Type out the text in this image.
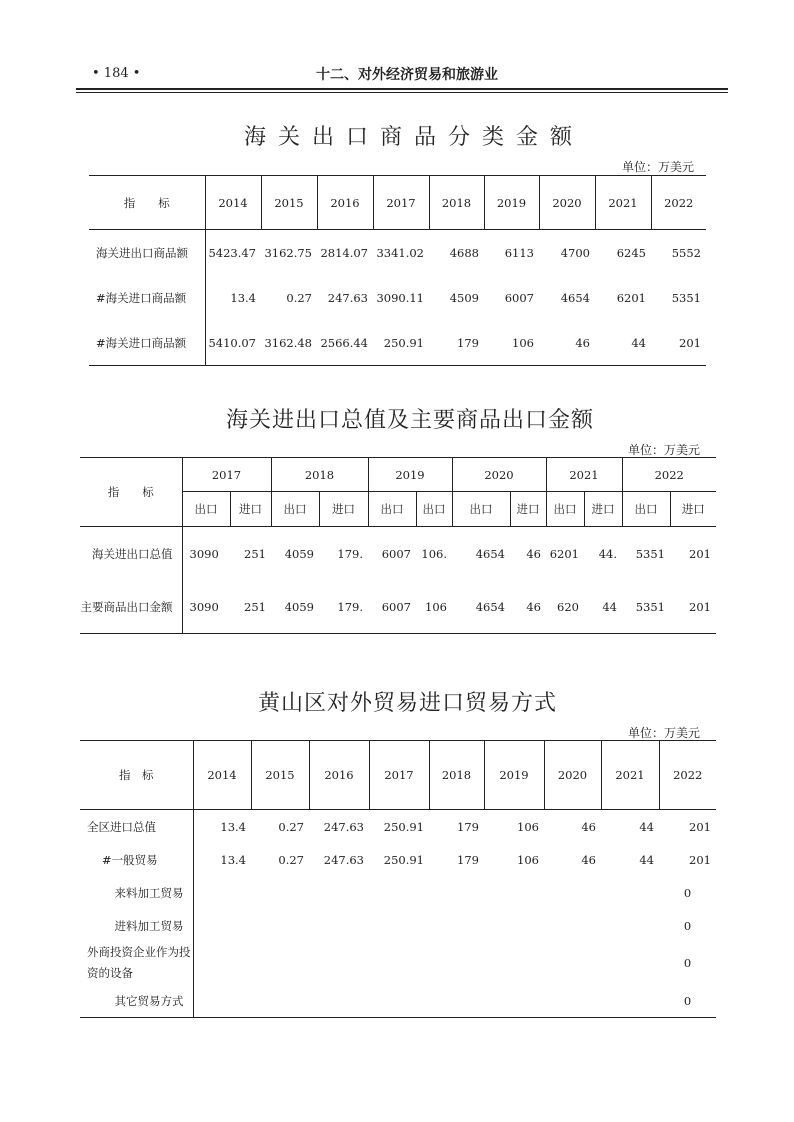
• 184 •	十二、对外经济贸易和旅游业
海关出口商品分类金额
单位：万美元
指　　标	2014	2015	2016	2017	2018	2019	2020	2021	2022
海关进出口商品额	5423.47	3162.75	2814.07	3341.02	4688	6113	4700	6245	5552
#海关进口商品额	13.4	0.27	247.63	3090.11	4509	6007	4654	6201	5351
#海关进口商品额	5410.07	3162.48	2566.44	250.91	179	106	46	44	201
海关进出口总值及主要商品出口金额
单位：万美元
指　　标	2017		2018		2019		2020		2021		2022	
	出口	进口	出口	进口	出口	出口	出口	进口	出口	进口	出口	进口
海关进出口总值	3090	251	4059	179.	6007	106.	4654	46	6201	44.	5351	201
主要商品出口金额	3090	251	4059	179.	6007	106	4654	46	620	44	5351	201
黄山区对外贸易进口贸易方式
单位：万美元
指　标	2014	2015	2016	2017	2018	2019	2020	2021	2022
全区进口总值	13.4	0.27	247.63	250.91	179	106	46	44	201
#一般贸易	13.4	0.27	247.63	250.91	179	106	46	44	201
来料加工贸易									0
进料加工贸易									0
外商投资企业作为投资的设备									0
其它贸易方式									0
